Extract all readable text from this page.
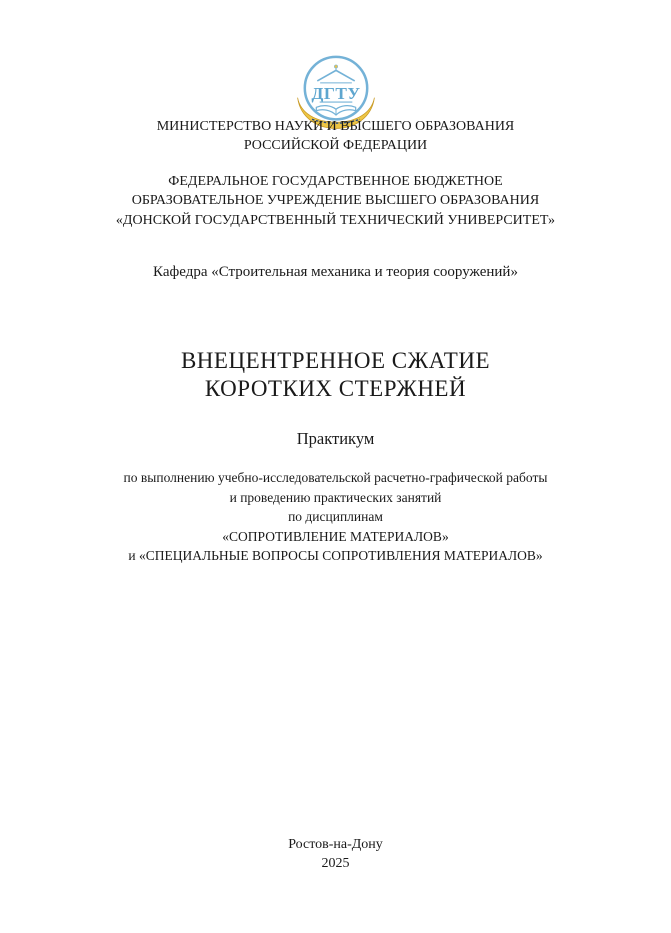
ДГТУ
МИНИСТЕРСТВО НАУКИ И ВЫСШЕГО ОБРАЗОВАНИЯ
РОССИЙСКОЙ ФЕДЕРАЦИИ
ФЕДЕРАЛЬНОЕ ГОСУДАРСТВЕННОЕ БЮДЖЕТНОЕ
ОБРАЗОВАТЕЛЬНОЕ УЧРЕЖДЕНИЕ ВЫСШЕГО ОБРАЗОВАНИЯ
«ДОНСКОЙ ГОСУДАРСТВЕННЫЙ ТЕХНИЧЕСКИЙ УНИВЕРСИТЕТ»
Кафедра «Строительная механика и теория сооружений»
ВНЕЦЕНТРЕННОЕ СЖАТИЕ
КОРОТКИХ СТЕРЖНЕЙ
Практикум
по выполнению учебно-исследовательской расчетно-графической работы
и проведению практических занятий
по дисциплинам
«СОПРОТИВЛЕНИЕ МАТЕРИАЛОВ»
и «СПЕЦИАЛЬНЫЕ ВОПРОСЫ СОПРОТИВЛЕНИЯ МАТЕРИАЛОВ»
Ростов-на-Дону
2025
